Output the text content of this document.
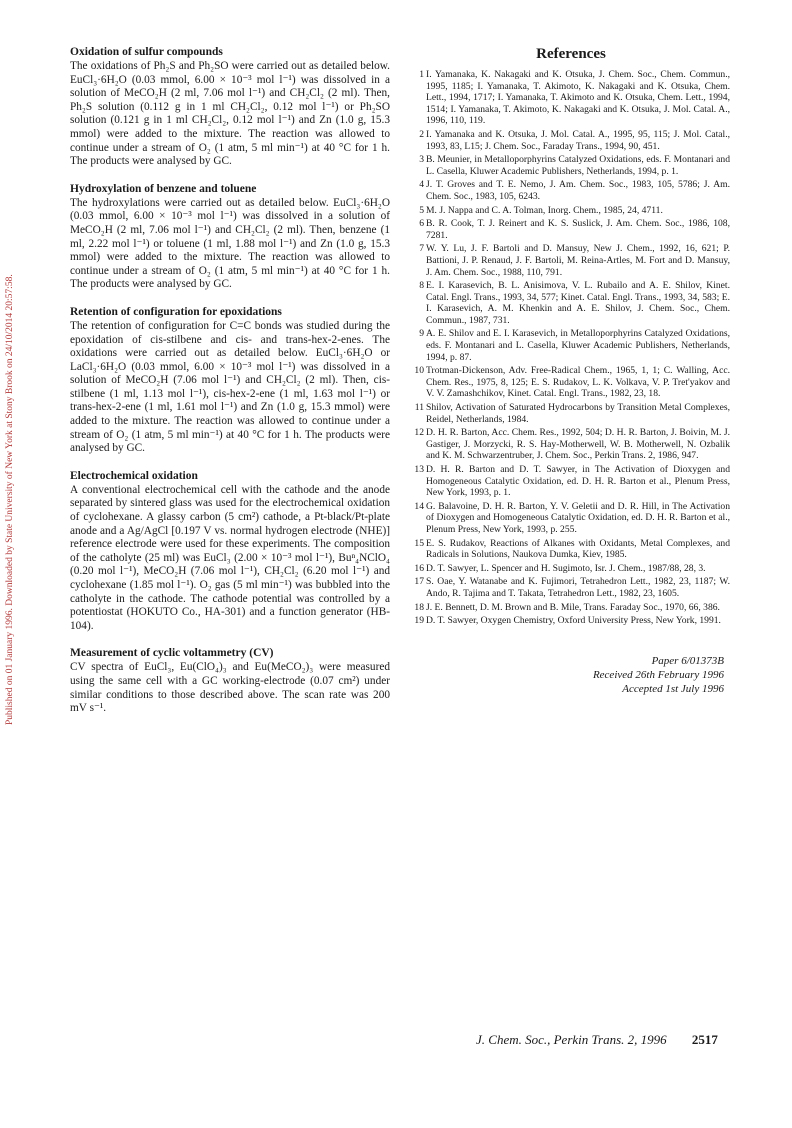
Published on 01 January 1996. Downloaded by State University of New York at Stony Brook on 24/10/2014 20:57:58.
Oxidation of sulfur compounds

The oxidations of Ph₂S and Ph₂SO were carried out as detailed below. EuCl₃·6H₂O (0.03 mmol, 6.00 × 10⁻³ mol l⁻¹) was dissolved in a solution of MeCO₂H (2 ml, 7.06 mol l⁻¹) and CH₂Cl₂ (2 ml). Then, Ph₂S solution (0.112 g in 1 ml CH₂Cl₂, 0.12 mol l⁻¹) or Ph₂SO solution (0.121 g in 1 ml CH₂Cl₂, 0.12 mol l⁻¹) and Zn (1.0 g, 15.3 mmol) were added to the mixture. The reaction was allowed to continue under a stream of O₂ (1 atm, 5 ml min⁻¹) at 40 °C for 1 h. The products were analysed by GC.

Hydroxylation of benzene and toluene

The hydroxylations were carried out as detailed below. EuCl₃·6H₂O (0.03 mmol, 6.00 × 10⁻³ mol l⁻¹) was dissolved in a solution of MeCO₂H (2 ml, 7.06 mol l⁻¹) and CH₂Cl₂ (2 ml). Then, benzene (1 ml, 2.22 mol l⁻¹) or toluene (1 ml, 1.88 mol l⁻¹) and Zn (1.0 g, 15.3 mmol) were added to the mixture. The reaction was allowed to continue under a stream of O₂ (1 atm, 5 ml min⁻¹) at 40 °C for 1 h. The products were analysed by GC.

Retention of configuration for epoxidations

The retention of configuration for C=C bonds was studied during the epoxidation of cis-stilbene and cis- and trans-hex-2-enes. The oxidations were carried out as detailed below. EuCl₃·6H₂O or LaCl₃·6H₂O (0.03 mmol, 6.00 × 10⁻³ mol l⁻¹) was dissolved in a solution of MeCO₂H (7.06 mol l⁻¹) and CH₂Cl₂ (2 ml). Then, cis-stilbene (1 ml, 1.13 mol l⁻¹), cis-hex-2-ene (1 ml, 1.63 mol l⁻¹) or trans-hex-2-ene (1 ml, 1.61 mol l⁻¹) and Zn (1.0 g, 15.3 mmol) were added to the mixture. The reaction was allowed to continue under a stream of O₂ (1 atm, 5 ml min⁻¹) at 40 °C for 1 h. The products were analysed by GC.

Electrochemical oxidation

A conventional electrochemical cell with the cathode and the anode separated by sintered glass was used for the electrochemical oxidation of cyclohexane. A glassy carbon (5 cm²) cathode, a Pt-black/Pt-plate anode and a Ag/AgCl [0.197 V vs. normal hydrogen electrode (NHE)] reference electrode were used for these experiments. The composition of the catholyte (25 ml) was EuCl₃ (2.00 × 10⁻³ mol l⁻¹), Buⁿ₄NClO₄ (0.20 mol l⁻¹), MeCO₂H (7.06 mol l⁻¹), CH₂Cl₂ (6.20 mol l⁻¹) and cyclohexane (1.85 mol l⁻¹). O₂ gas (5 ml min⁻¹) was bubbled into the catholyte in the cathode. The cathode potential was controlled by a potentiostat (HOKUTO Co., HA-301) and a function generator (HB-104).

Measurement of cyclic voltammetry (CV)

CV spectra of EuCl₃, Eu(ClO₄)₃ and Eu(MeCO₂)₃ were measured using the same cell with a GC working-electrode (0.07 cm²) under similar conditions to those described above. The scan rate was 200 mV s⁻¹.

References
1 I. Yamanaka, K. Nakagaki and K. Otsuka, J. Chem. Soc., Chem. Commun., 1995, 1185; I. Yamanaka, T. Akimoto, K. Nakagaki and K. Otsuka, Chem. Lett., 1994, 1717; I. Yamanaka, T. Akimoto and K. Otsuka, Chem. Lett., 1994, 1514; I. Yamanaka, T. Akimoto, K. Nakagaki and K. Otsuka, J. Mol. Catal. A., 1996, 110, 119.
2 I. Yamanaka and K. Otsuka, J. Mol. Catal. A., 1995, 95, 115; J. Mol. Catal., 1993, 83, L15; J. Chem. Soc., Faraday Trans., 1994, 90, 451.
3 B. Meunier, in Metalloporphyrins Catalyzed Oxidations, eds. F. Montanari and L. Casella, Kluwer Academic Publishers, Netherlands, 1994, p. 1.
4 J. T. Groves and T. E. Nemo, J. Am. Chem. Soc., 1983, 105, 5786; J. Am. Chem. Soc., 1983, 105, 6243.
5 M. J. Nappa and C. A. Tolman, Inorg. Chem., 1985, 24, 4711.
6 B. R. Cook, T. J. Reinert and K. S. Suslick, J. Am. Chem. Soc., 1986, 108, 7281.
7 W. Y. Lu, J. F. Bartoli and D. Mansuy, New J. Chem., 1992, 16, 621; P. Battioni, J. P. Renaud, J. F. Bartoli, M. Reina-Artles, M. Fort and D. Mansuy, J. Am. Chem. Soc., 1988, 110, 791.
8 E. I. Karasevich, B. L. Anisimova, V. L. Rubailo and A. E. Shilov, Kinet. Catal. Engl. Trans., 1993, 34, 577; Kinet. Catal. Engl. Trans., 1993, 34, 583; E. I. Karasevich, A. M. Khenkin and A. E. Shilov, J. Chem. Soc., Chem. Commun., 1987, 731.
9 A. E. Shilov and E. I. Karasevich, in Metalloporphyrins Catalyzed Oxidations, eds. F. Montanari and L. Casella, Kluwer Academic Publishers, Netherlands, 1994, p. 87.
10 Trotman-Dickenson, Adv. Free-Radical Chem., 1965, 1, 1; C. Walling, Acc. Chem. Res., 1975, 8, 125; E. S. Rudakov, L. K. Volkava, V. P. Tret'yakov and V. V. Zamashchikov, Kinet. Catal. Engl. Trans., 1982, 23, 18.
11 Shilov, Activation of Saturated Hydrocarbons by Transition Metal Complexes, Reidel, Netherlands, 1984.
12 D. H. R. Barton, Acc. Chem. Res., 1992, 504; D. H. R. Barton, J. Boivin, M. J. Gastiger, J. Morzycki, R. S. Hay-Motherwell, W. B. Motherwell, N. Ozbalik and K. M. Schwarzentruber, J. Chem. Soc., Perkin Trans. 2, 1986, 947.
13 D. H. R. Barton and D. T. Sawyer, in The Activation of Dioxygen and Homogeneous Catalytic Oxidation, ed. D. H. R. Barton et al., Plenum Press, New York, 1993, p. 1.
14 G. Balavoine, D. H. R. Barton, Y. V. Geletii and D. R. Hill, in The Activation of Dioxygen and Homogeneous Catalytic Oxidation, ed. D. H. R. Barton et al., Plenum Press, New York, 1993, p. 255.
15 E. S. Rudakov, Reactions of Alkanes with Oxidants, Metal Complexes, and Radicals in Solutions, Naukova Dumka, Kiev, 1985.
16 D. T. Sawyer, L. Spencer and H. Sugimoto, Isr. J. Chem., 1987/88, 28, 3.
17 S. Oae, Y. Watanabe and K. Fujimori, Tetrahedron Lett., 1982, 23, 1187; W. Ando, R. Tajima and T. Takata, Tetrahedron Lett., 1982, 23, 1605.
18 J. E. Bennett, D. M. Brown and B. Mile, Trans. Faraday Soc., 1970, 66, 386.
19 D. T. Sawyer, Oxygen Chemistry, Oxford University Press, New York, 1991.
Paper 6/01373B
Received 26th February 1996
Accepted 1st July 1996
J. Chem. Soc., Perkin Trans. 2, 1996 2517
